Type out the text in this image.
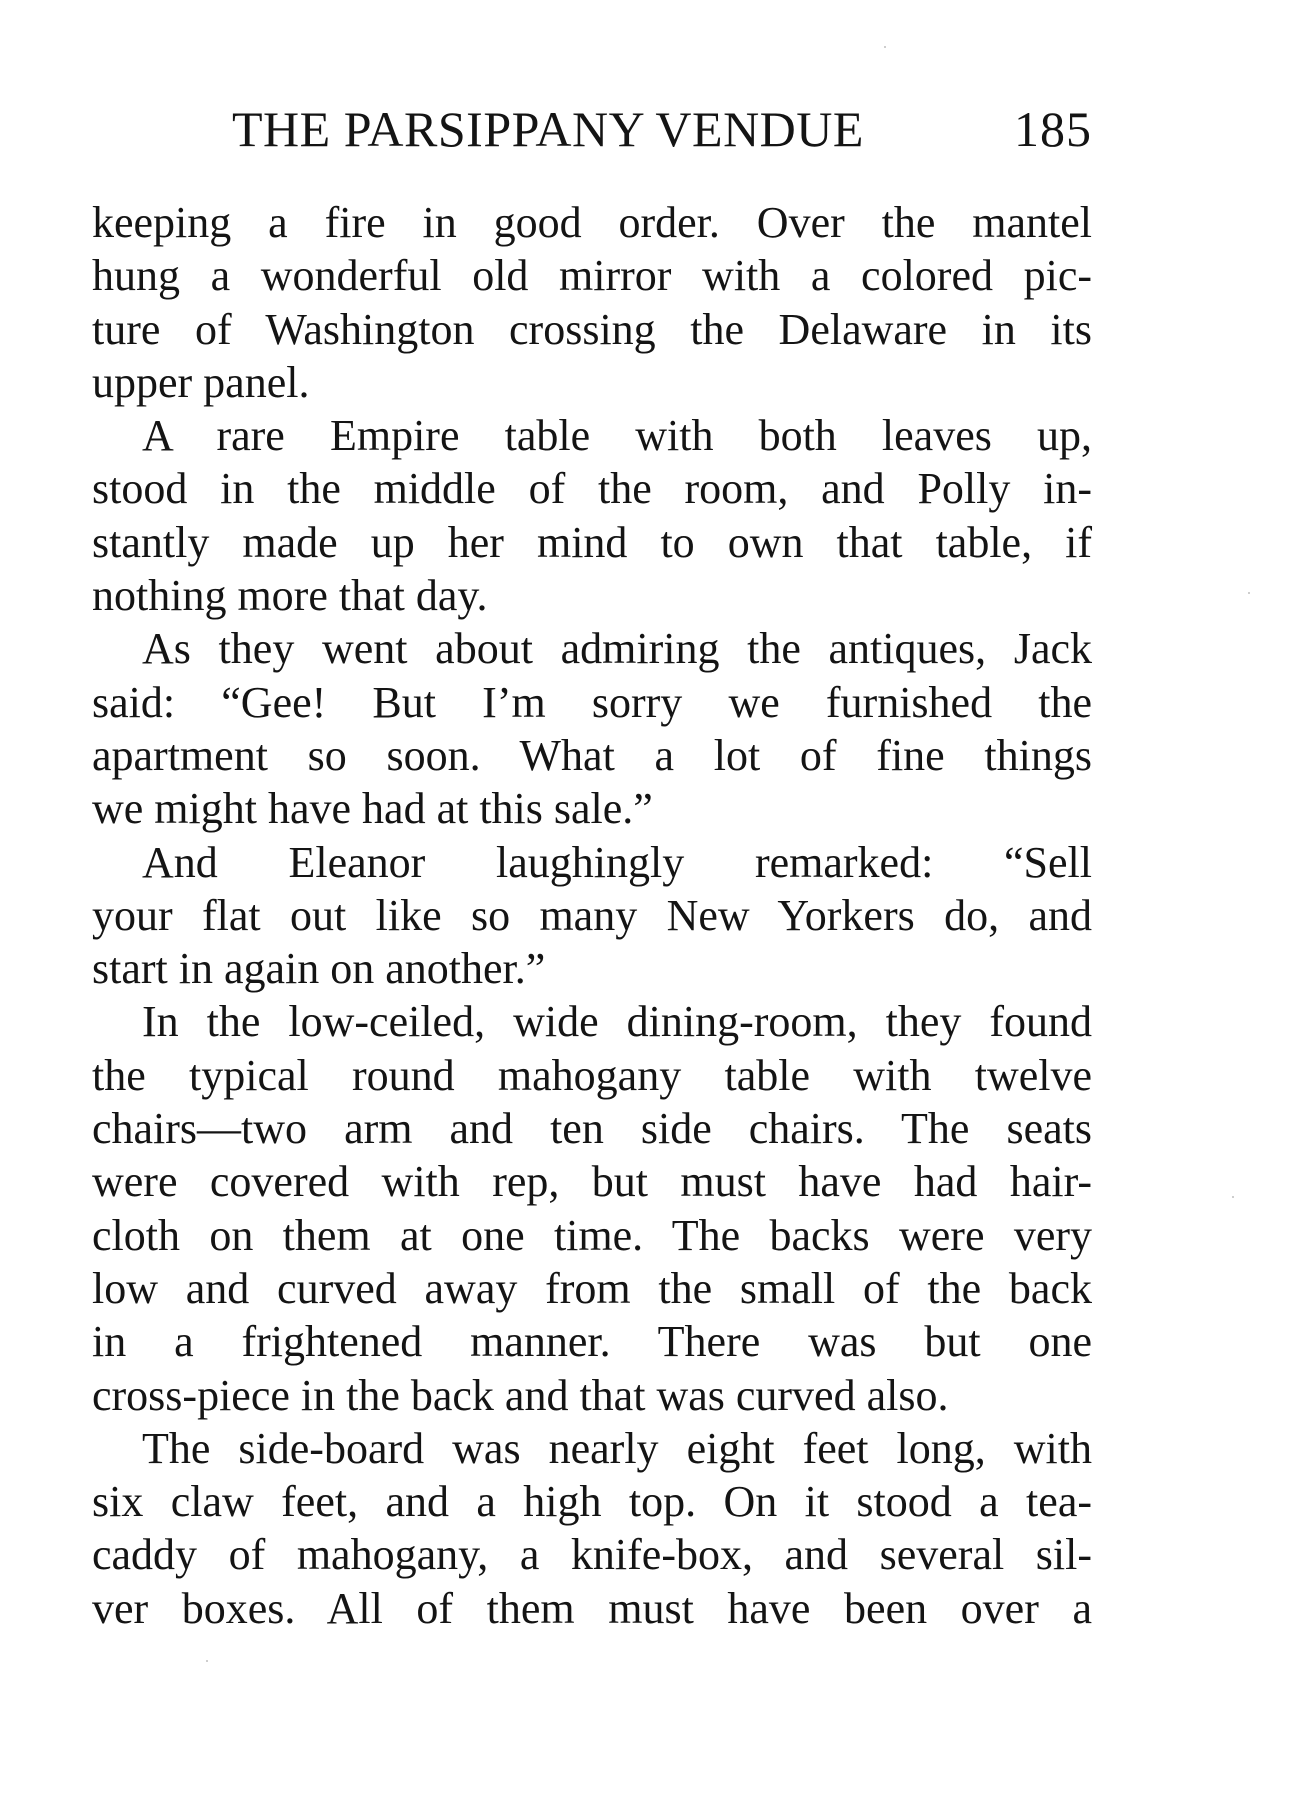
THE PARSIPPANY VENDUE	185
keeping a fire in good order. Over the mantel
hung a wonderful old mirror with a colored pic-
ture of Washington crossing the Delaware in its
upper panel.
A rare Empire table with both leaves up,
stood in the middle of the room, and Polly in-
stantly made up her mind to own that table, if
nothing more that day.
As they went about admiring the antiques, Jack
said: “Gee! But I’m sorry we furnished the
apartment so soon. What a lot of fine things
we might have had at this sale.”
And Eleanor laughingly remarked: “Sell
your flat out like so many New Yorkers do, and
start in again on another.”
In the low-ceiled, wide dining-room, they found
the typical round mahogany table with twelve
chairs—two arm and ten side chairs. The seats
were covered with rep, but must have had hair-
cloth on them at one time. The backs were very
low and curved away from the small of the back
in a frightened manner. There was but one
cross-piece in the back and that was curved also.
The side-board was nearly eight feet long, with
six claw feet, and a high top. On it stood a tea-
caddy of mahogany, a knife-box, and several sil-
ver boxes. All of them must have been over a
